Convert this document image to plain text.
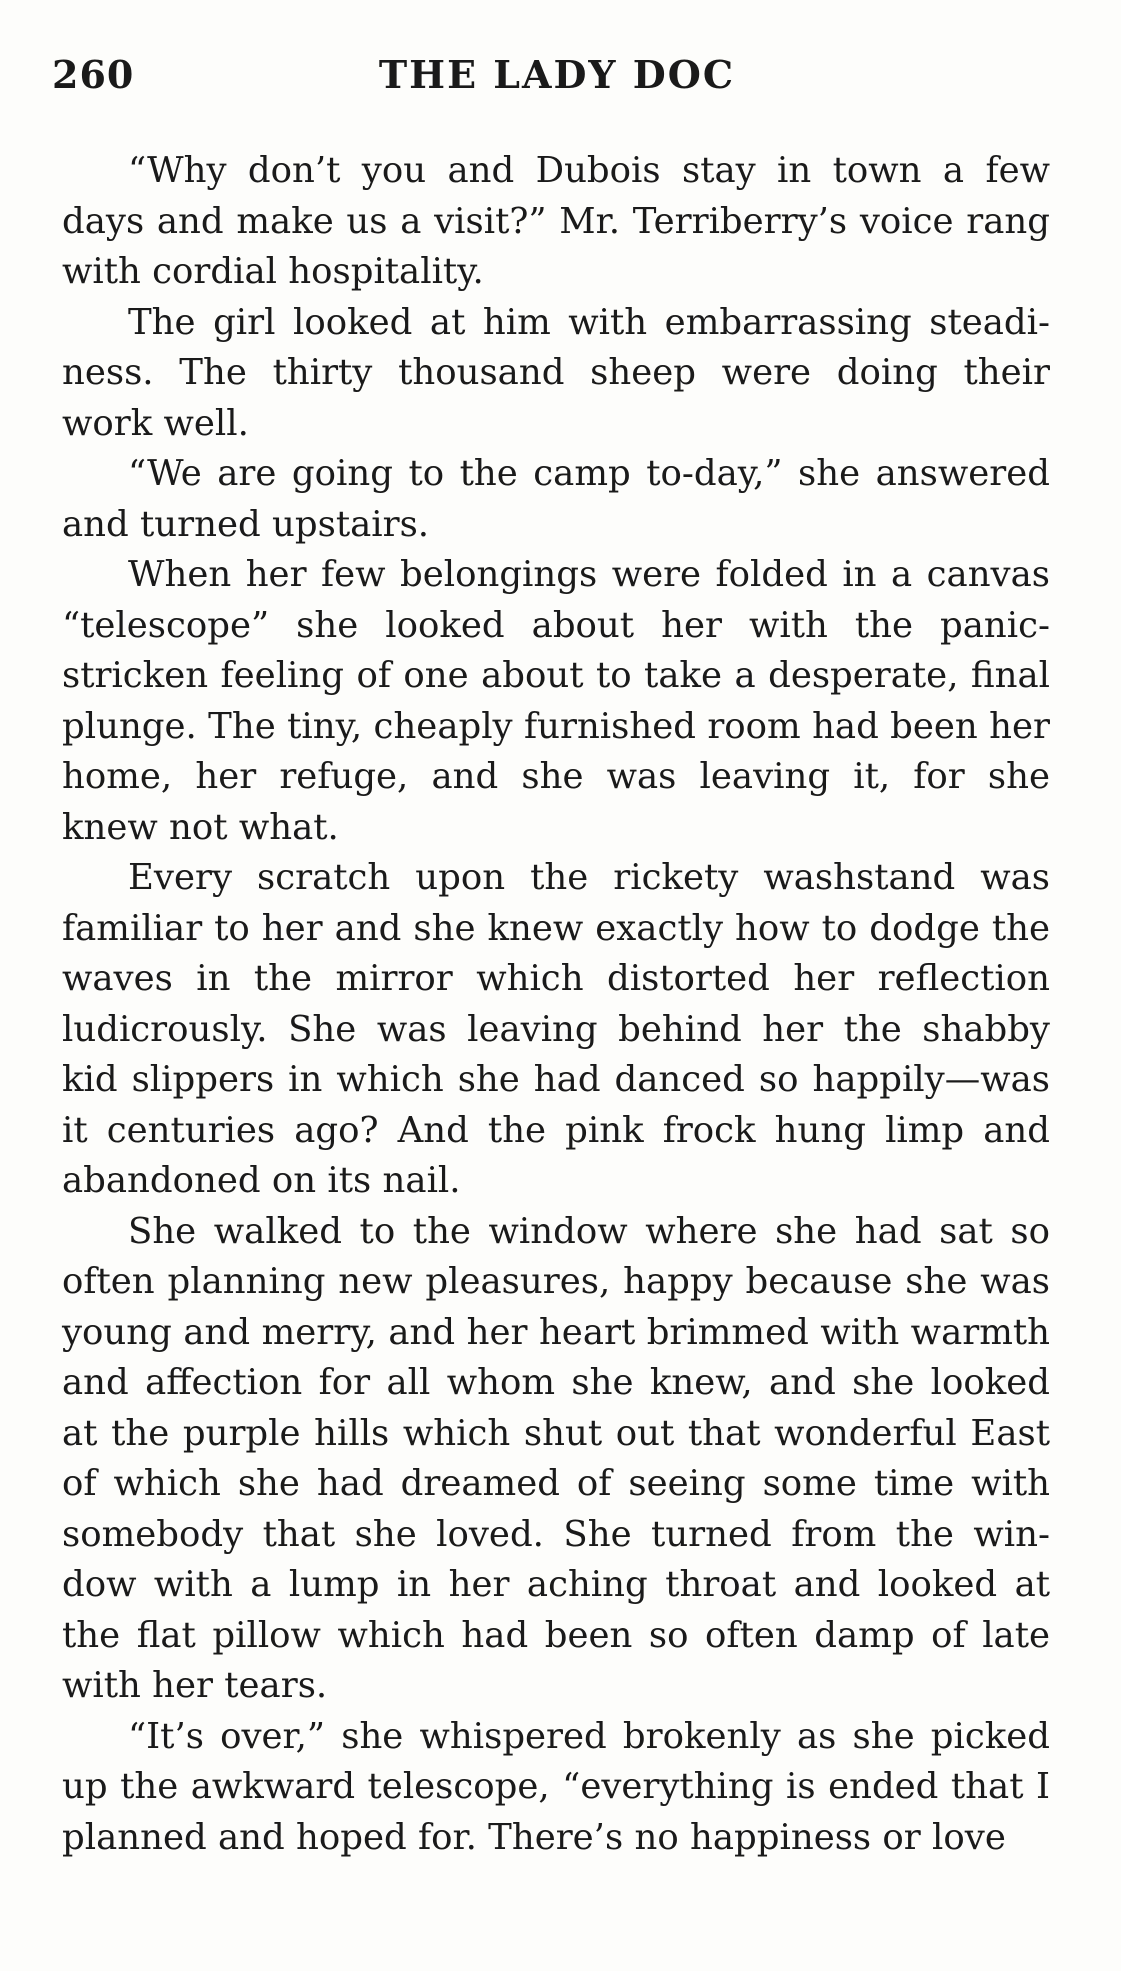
260	THE LADY DOC

“Why don’t you and Dubois stay in town a few days and make us a visit?” Mr. Terriberry’s voice rang with cordial hospitality.

The girl looked at him with embarrassing steadi-ness. The thirty thousand sheep were doing their work well.

“We are going to the camp to-day,” she answered and turned upstairs.

When her few belongings were folded in a canvas “telescope” she looked about her with the panic-stricken feeling of one about to take a desperate, final plunge. The tiny, cheaply furnished room had been her home, her refuge, and she was leaving it, for she knew not what.

Every scratch upon the rickety washstand was familiar to her and she knew exactly how to dodge the waves in the mirror which distorted her reflection ludicrously. She was leaving behind her the shabby kid slippers in which she had danced so happily—was it centuries ago? And the pink frock hung limp and abandoned on its nail.

She walked to the window where she had sat so often planning new pleasures, happy because she was young and merry, and her heart brimmed with warmth and affection for all whom she knew, and she looked at the purple hills which shut out that wonderful East of which she had dreamed of seeing some time with somebody that she loved. She turned from the win-dow with a lump in her aching throat and looked at the flat pillow which had been so often damp of late with her tears.

“It’s over,” she whispered brokenly as she picked up the awkward telescope, “everything is ended that I planned and hoped for. There’s no happiness or love
